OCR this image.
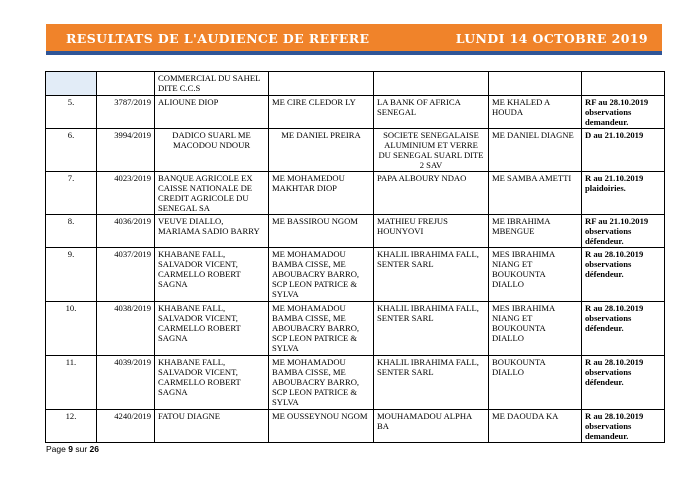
RESULTATS DE L'AUDIENCE DE REFERE	LUNDI 14 OCTOBRE 2019
		COMMERCIAL DU SAHEL DITE C.C.S				
5.	3787/2019	ALIOUNE DIOP	ME CIRE CLEDOR LY	LA BANK OF AFRICA SENEGAL	ME KHALED A HOUDA	RF au 28.10.2019 observations demandeur.
6.	3994/2019	DADICO SUARL ME MACODOU NDOUR	ME DANIEL PREIRA	SOCIETE SENEGALAISE ALUMINIUM ET VERRE DU SENEGAL SUARL DITE 2 SAV	ME DANIEL DIAGNE	D au 21.10.2019
7.	4023/2019	BANQUE AGRICOLE EX CAISSE NATIONALE DE CREDIT AGRICOLE DU SENEGAL SA	ME MOHAMEDOU MAKHTAR DIOP	PAPA ALBOURY NDAO	ME SAMBA AMETTI	R au 21.10.2019 plaidoiries.
8.	4036/2019	VEUVE DIALLO, MARIAMA SADIO BARRY	ME BASSIROU NGOM	MATHIEU FREJUS HOUNYOVI	ME IBRAHIMA MBENGUE	RF au 21.10.2019 observations défendeur.
9.	4037/2019	KHABANE FALL, SALVADOR VICENT, CARMELLO ROBERT SAGNA	ME MOHAMADOU BAMBA CISSE, ME ABOUBACRY BARRO, SCP LEON PATRICE & SYLVA	KHALIL IBRAHIMA FALL, SENTER SARL	MES IBRAHIMA NIANG ET BOUKOUNTA DIALLO	R au 28.10.2019 observations défendeur.
10.	4038/2019	KHABANE FALL, SALVADOR VICENT, CARMELLO ROBERT SAGNA	ME MOHAMADOU BAMBA CISSE, ME ABOUBACRY BARRO, SCP LEON PATRICE & SYLVA	KHALIL IBRAHIMA FALL, SENTER SARL	MES IBRAHIMA NIANG ET BOUKOUNTA DIALLO	R au 28.10.2019 observations défendeur.
11.	4039/2019	KHABANE FALL, SALVADOR VICENT, CARMELLO ROBERT SAGNA	ME MOHAMADOU BAMBA CISSE, ME ABOUBACRY BARRO, SCP LEON PATRICE & SYLVA	KHALIL IBRAHIMA FALL, SENTER SARL	BOUKOUNTA DIALLO	R au 28.10.2019 observations défendeur.
12.	4240/2019	FATOU DIAGNE	ME OUSSEYNOU NGOM	MOUHAMADOU ALPHA BA	ME DAOUDA KA	R au 28.10.2019 observations demandeur.
Page 9 sur 26
